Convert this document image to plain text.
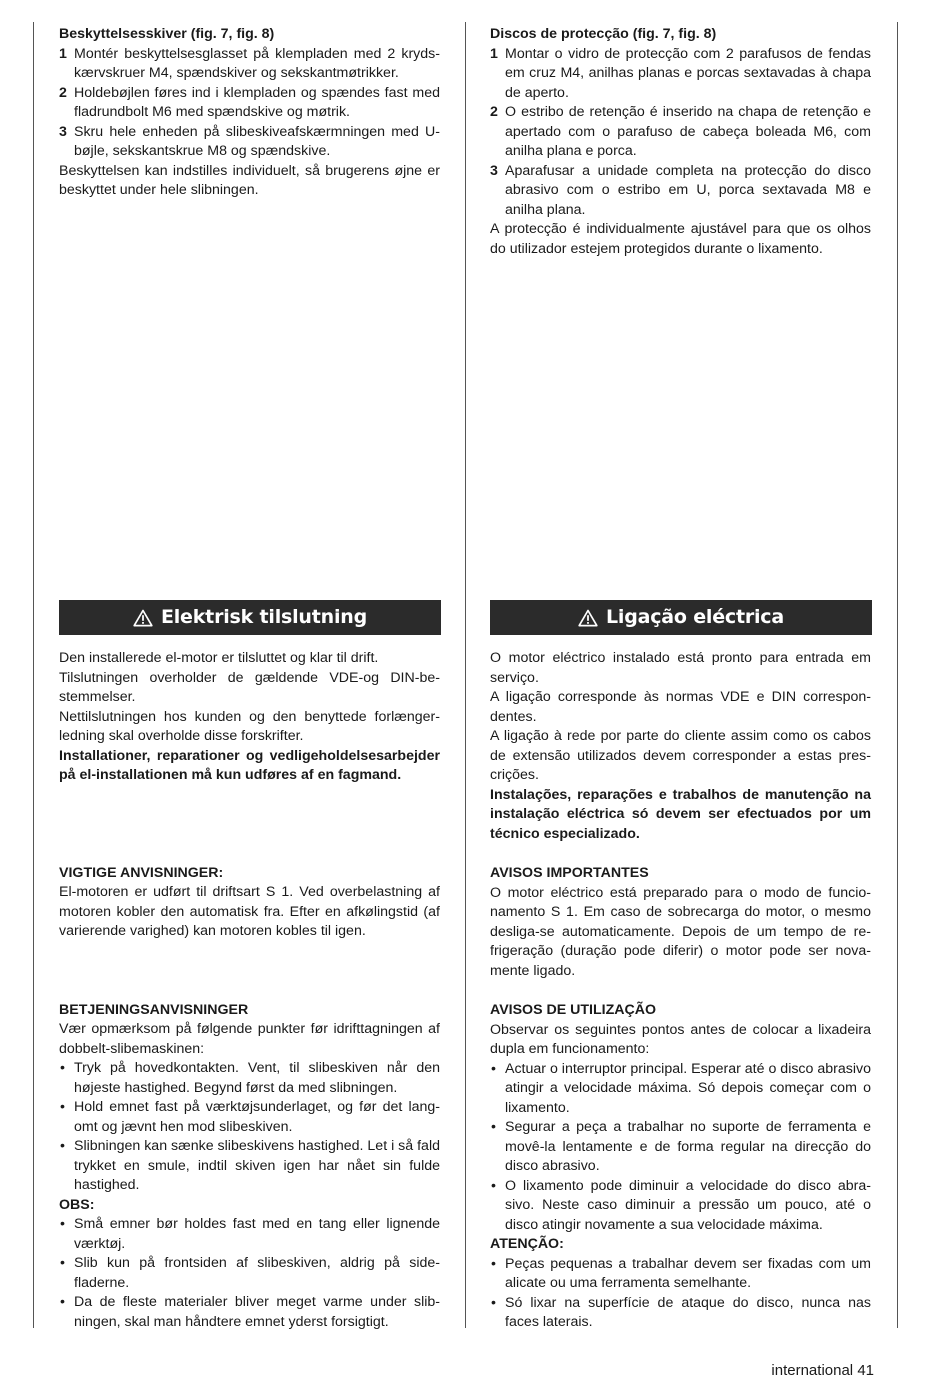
Beskyttelsesskiver (fig. 7, fig. 8)

1 Montér beskyttelsesglasset på klempladen med 2 krydskærvskruer M4, spændskiver og sekskantmøtrikker.
2 Holdebøjlen føres ind i klempladen og spændes fast med fladrundbolt M6 med spændskive og møtrik.
3 Skru hele enheden på slibeskiveafskærmningen med U-bøjle, sekskantskrue M8 og spændskive.

Beskyttelsen kan indstilles individuelt, så brugerens øjne er beskyttet under hele slibningen.

Discos de protecção (fig. 7, fig. 8)

1 Montar o vidro de protecção com 2 parafusos de fendas em cruz M4, anilhas planas e porcas sextavadas à chapa de aperto.
2 O estribo de retenção é inserido na chapa de retenção e apertado com o parafuso de cabeça boleada M6, com anilha plana e porca.
3 Aparafusar a unidade completa na protecção do disco abrasivo com o estribo em U, porca sextavada M8 e anilha plana.

A protecção é individualmente ajustável para que os olhos do utilizador estejem protegidos durante o lixamento.

Elektrisk tilslutning	Ligação eléctrica

Den installerede el-motor er tilsluttet og klar til drift.

Tilslutningen overholder de gældende VDE-og DIN-bestemmelser.

Nettilslutningen hos kunden og den benyttede forlængerledning skal overholde disse forskrifter.

Installationer, reparationer og vedligeholdelsesarbejder på el-installationen må kun udføres af en fagmand.

VIGTIGE ANVISNINGER:

El-motoren er udført til driftsart S 1. Ved overbelastning af motoren kobler den automatisk fra. Efter en afkølingstid (af varierende varighed) kan motoren kobles til igen.

BETJENINGSANVISNINGER

Vær opmærksom på følgende punkter før idrifttagningen af dobbelt-slibemaskinen:

• Tryk på hovedkontakten. Vent, til slibeskiven når den højeste hastighed. Begynd først da med slibningen.
• Hold emnet fast på værktøjsunderlaget, og før det langomt og jævnt hen mod slibeskiven.
• Slibningen kan sænke slibeskivens hastighed. Let i så fald trykket en smule, indtil skiven igen har nået sin fulde hastighed.

OBS:

• Små emner bør holdes fast med en tang eller lignende værktøj.
• Slib kun på frontsiden af slibeskiven, aldrig på sidefladerne.
• Da de fleste materialer bliver meget varme under slibningen, skal man håndtere emnet yderst forsigtigt.

O motor eléctrico instalado está pronto para entrada em serviço.

A ligação corresponde às normas VDE e DIN correspondentes.

A ligação à rede por parte do cliente assim como os cabos de extensão utilizados devem corresponder a estas prescrições.

Instalações, reparações e trabalhos de manutenção na instalação eléctrica só devem ser efectuados por um técnico especializado.

AVISOS IMPORTANTES

O motor eléctrico está preparado para o modo de funcionamento S 1. Em caso de sobrecarga do motor, o mesmo desliga-se automaticamente. Depois de um tempo de refrigeração (duração pode diferir) o motor pode ser novamente ligado.

AVISOS DE UTILIZAÇÃO

Observar os seguintes pontos antes de colocar a lixadeira dupla em funcionamento:

• Actuar o interruptor principal. Esperar até o disco abrasivo atingir a velocidade máxima. Só depois começar com o lixamento.
• Segurar a peça a trabalhar no suporte de ferramenta e movê-la lentamente e de forma regular na direcção do disco abrasivo.
• O lixamento pode diminuir a velocidade do disco abrasivo. Neste caso diminuir a pressão um pouco, até o disco atingir novamente a sua velocidade máxima.

ATENÇÃO:

• Peças pequenas a trabalhar devem ser fixadas com um alicate ou uma ferramenta semelhante.
• Só lixar na superfície de ataque do disco, nunca nas faces laterais.
international 41
